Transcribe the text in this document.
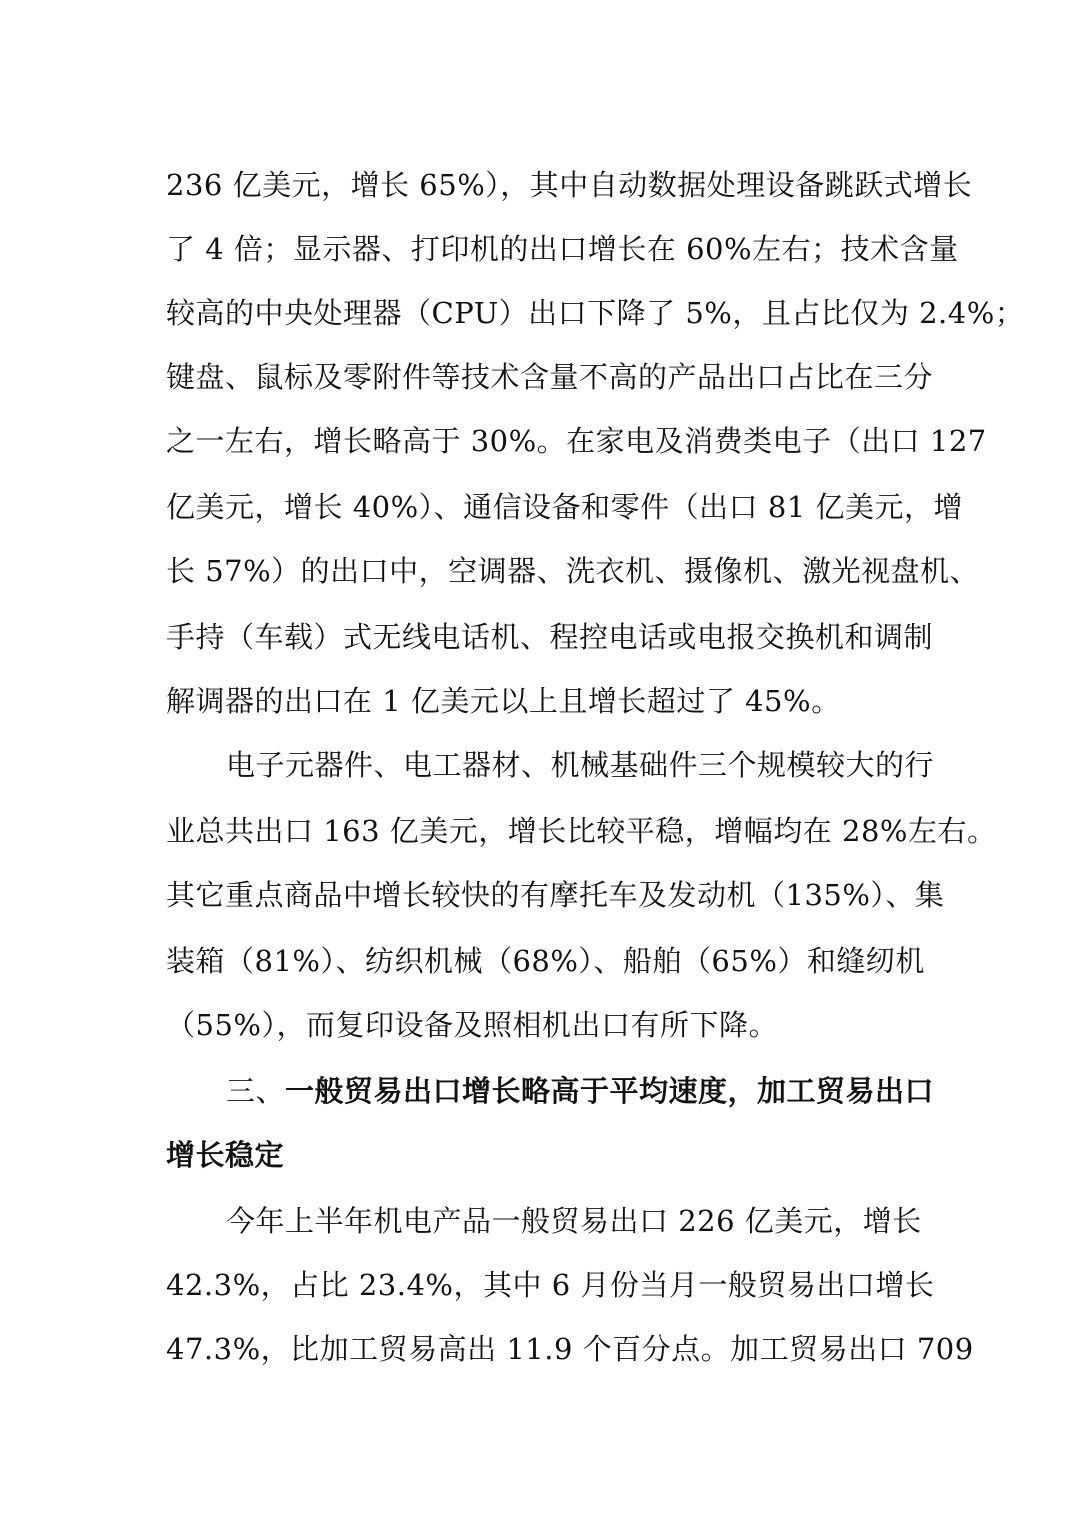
236 亿美元，增长 65%），其中自动数据处理设备跳跃式增长
了 4 倍；显示器、打印机的出口增长在 60%左右；技术含量
较高的中央处理器（CPU）出口下降了 5%，且占比仅为 2.4%；
键盘、鼠标及零附件等技术含量不高的产品出口占比在三分
之一左右，增长略高于 30%。在家电及消费类电子（出口 127
亿美元，增长 40%）、通信设备和零件（出口 81 亿美元，增
长 57%）的出口中，空调器、洗衣机、摄像机、激光视盘机、
手持（车载）式无线电话机、程控电话或电报交换机和调制
解调器的出口在 1 亿美元以上且增长超过了 45%。
电子元器件、电工器材、机械基础件三个规模较大的行
业总共出口 163 亿美元，增长比较平稳，增幅均在 28%左右。
其它重点商品中增长较快的有摩托车及发动机（135%）、集
装箱（81%）、纺织机械（68%）、船舶（65%）和缝纫机
（55%），而复印设备及照相机出口有所下降。
三、一般贸易出口增长略高于平均速度，加工贸易出口
增长稳定
今年上半年机电产品一般贸易出口 226 亿美元，增长
42.3%，占比 23.4%，其中 6 月份当月一般贸易出口增长
47.3%，比加工贸易高出 11.9 个百分点。加工贸易出口 709
